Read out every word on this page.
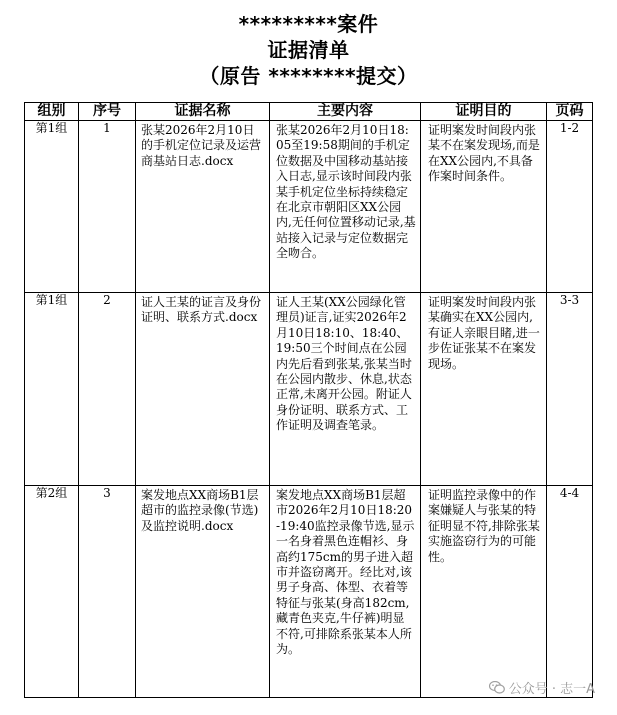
*********案件
证据清单
（原告 ********提交）
组别	序号	证据名称	主要内容	证明目的	页码
第1组	1	张某2026年2月10日的手机定位记录及运营商基站日志.docx	张某2026年2月10日18:05至19:58期间的手机定位数据及中国移动基站接入日志,显示该时间段内张某手机定位坐标持续稳定在北京市朝阳区XX公园内,无任何位置移动记录,基站接入记录与定位数据完全吻合。	证明案发时间段内张某不在案发现场,而是在XX公园内,不具备作案时间条件。	1-2
第1组	2	证人王某的证言及身份证明、联系方式.docx	证人王某(XX公园绿化管理员)证言,证实2026年2月10日18:10、18:40、19:50三个时间点在公园内先后看到张某,张某当时在公园内散步、休息,状态正常,未离开公园。附证人身份证明、联系方式、工作证明及调查笔录。	证明案发时间段内张某确实在XX公园内,有证人亲眼目睹,进一步佐证张某不在案发现场。	3-3
第2组	3	案发地点XX商场B1层超市的监控录像(节选)及监控说明.docx	案发地点XX商场B1层超市2026年2月10日18:20-19:40监控录像节选,显示一名身着黑色连帽衫、身高约175cm的男子进入超市并盗窃离开。经比对,该男子身高、体型、衣着等特征与张某(身高182cm,藏青色夹克,牛仔裤)明显不符,可排除系张某本人所为。	证明监控录像中的作案嫌疑人与张某的特征明显不符,排除张某实施盗窃行为的可能性。	4-4
公众号 · 志一A
